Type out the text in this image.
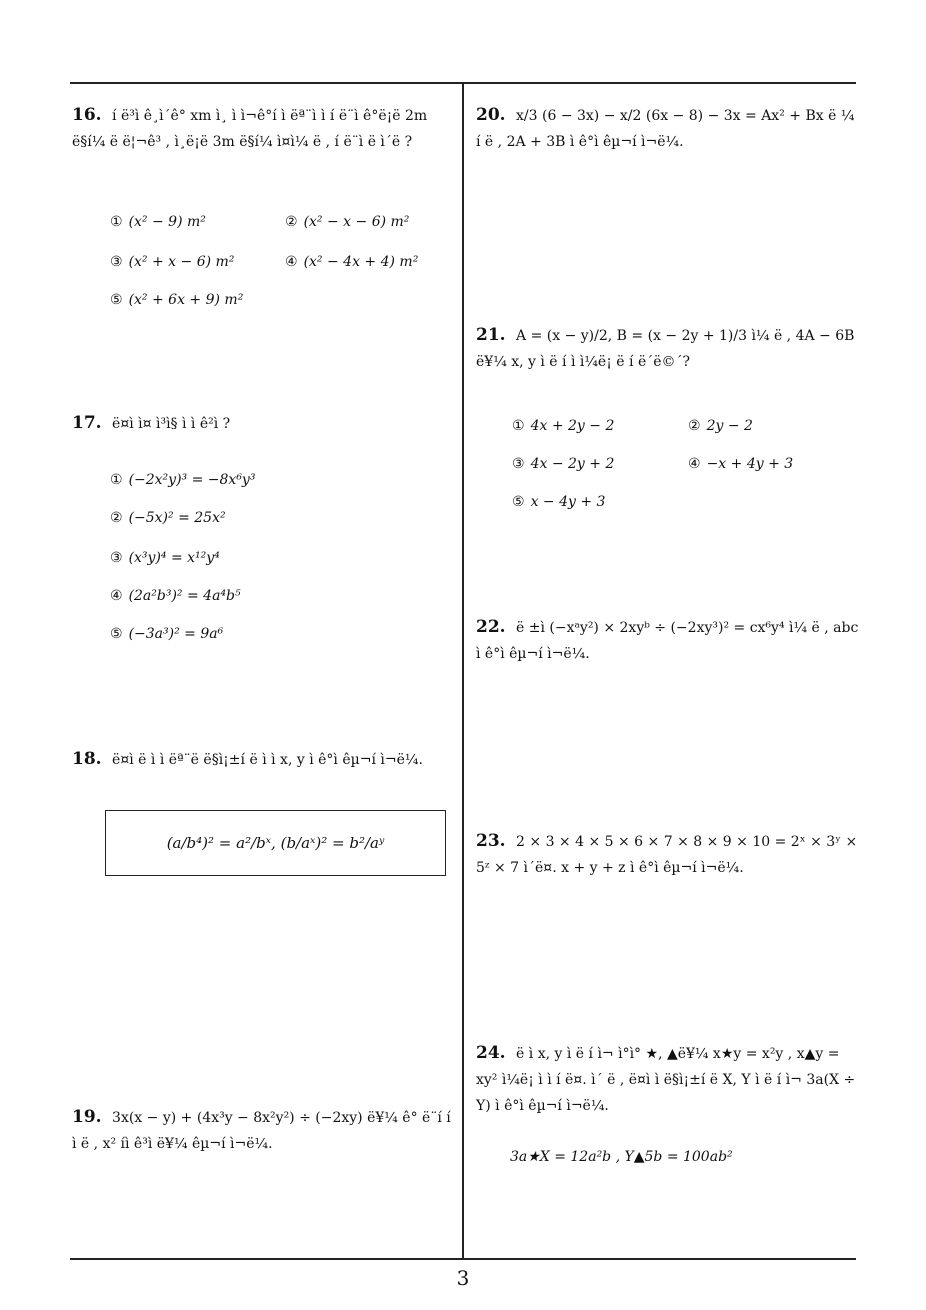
16. í ë³ì ê¸ì´ê° xm ì¸ ì ì¬ê°í ì ëª¨ì ì í ë¨ì ê°ë¡ë 2m ë§í¼ ë ë¦¬ê³ , ì¸ë¡ë 3m ë§í¼ ì¤ì¼ ë , í ë¨ì ë ì´ë ?
① (x² − 9) m²	② (x² − x − 6) m²
③ (x² + x − 6) m²	④ (x² − 4x + 4) m²
⑤ (x² + 6x + 9) m²
17. ë¤ì ì¤ ì³ì§ ì ì ê²ì ?
① (−2x²y)³ = −8x⁶y³
② (−5x)² = 25x²
③ (x³y)⁴ = x¹²y⁴
④ (2a²b³)² = 4a⁴b⁵
⑤ (−3a³)² = 9a⁶
18. ë¤ì ë ì ì ëª¨ë ë§ì¡±í ë ì ì x, y ì ê°ì êµ¬í ì¬ë¼.
(a/b⁴)² = a²/bˣ, (b/aˣ)² = b²/aʸ
19. 3x(x − y) + (4x³y − 8x²y²) ÷ (−2xy) ë¥¼ ê° ë¨í í ì ë , x² íì ê³ì ë¥¼ êµ¬í ì¬ë¼.
20. x/3 (6 − 3x) − x/2 (6x − 8) − 3x = Ax² + Bx ë ¼ í ë , 2A + 3B ì ê°ì êµ¬í ì¬ë¼.
21. A = (x − y)/2, B = (x − 2y + 1)/3 ì¼ ë , 4A − 6B ë¥¼ x, y ì ë í ì ì¼ë¡ ë í ë´ë©´?
① 4x + 2y − 2	② 2y − 2
③ 4x − 2y + 2	④ −x + 4y + 3
⑤ x − 4y + 3
22. ë ±ì (−xᵃy²) × 2xyᵇ ÷ (−2xy³)² = cx⁶y⁴ ì¼ ë , abc ì ê°ì êµ¬í ì¬ë¼.
23. 2 × 3 × 4 × 5 × 6 × 7 × 8 × 9 × 10 = 2ˣ × 3ʸ × 5ᶻ × 7 ì´ë¤. x + y + z ì ê°ì êµ¬í ì¬ë¼.
24. ë ì x, y ì ë í ì¬ ì°ì° ★, ▲ë¥¼ x★y = x²y , x▲y = xy² ì¼ë¡ ì ì í ë¤. ì´ ë , ë¤ì ì ë§ì¡±í ë X, Y ì ë í ì¬ 3a(X ÷ Y) ì ê°ì êµ¬í ì¬ë¼.
3a★X = 12a²b , Y▲5b = 100ab²
3
